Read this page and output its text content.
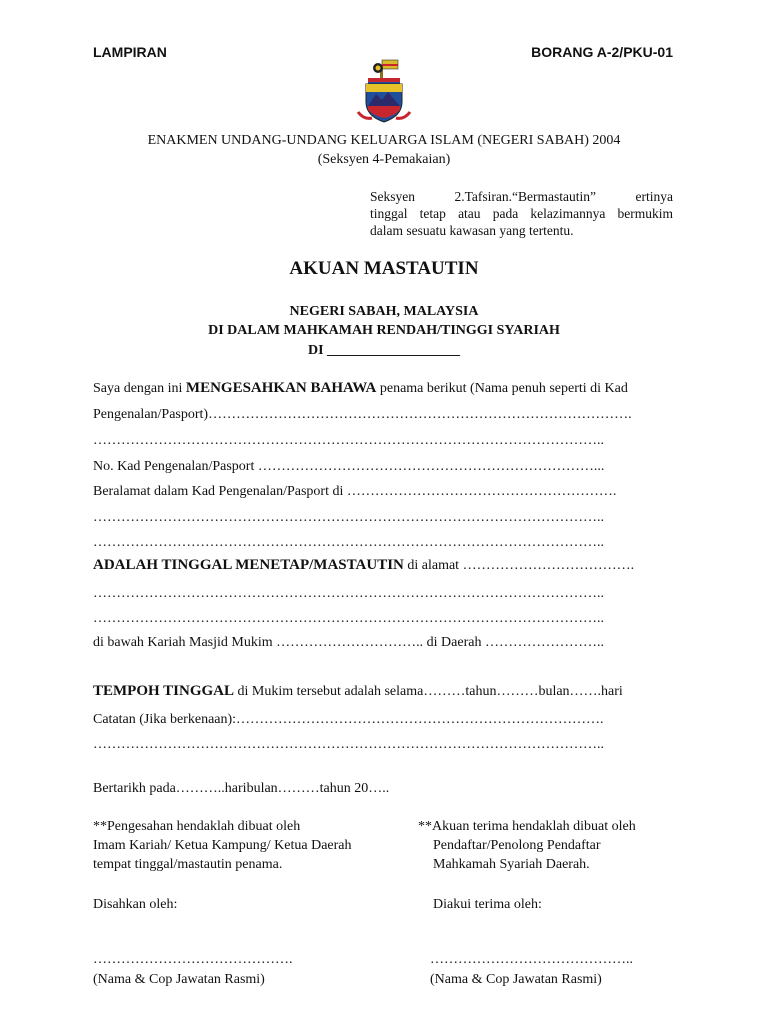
LAMPIRAN	BORANG A-2/PKU-01
ENAKMEN UNDANG-UNDANG KELUARGA ISLAM (NEGERI SABAH) 2004
(Seksyen 4-Pemakaian)
Seksyen   2.Tafsiran.“Bermastautin”   ertinya
tinggal tetap atau pada kelazimannya bermukim
dalam sesuatu kawasan yang tertentu.
AKUAN MASTAUTIN
NEGERI SABAH, MALAYSIA
DI DALAM MAHKAMAH RENDAH/TINGGI SYARIAH
DI ___________________
Saya dengan ini MENGESAHKAN BAHAWA penama berikut (Nama penuh seperti di Kad
Pengenalan/Pasport)……………………………………………………………………………….
………………………………………………………………………………………………..
No. Kad Pengenalan/Pasport ………………………………………………………………...
Beralamat dalam Kad Pengenalan/Pasport di ………………………………………………….
………………………………………………………………………………………………..
………………………………………………………………………………………………..
ADALAH TINGGAL MENETAP/MASTAUTIN di alamat ……………………………….
………………………………………………………………………………………………..
………………………………………………………………………………………………..
di bawah Kariah Masjid Mukim ………………………….. di Daerah ……………………..
TEMPOH TINGGAL di Mukim tersebut adalah selama………tahun………bulan…….hari
Catatan (Jika berkenaan):…………………………………………………………………….
………………………………………………………………………………………………..
Bertarikh pada………..haribulan………tahun 20…..
**Pengesahan hendaklah dibuat oleh
Imam Kariah/ Ketua Kampung/ Ketua Daerah
tempat tinggal/mastautin penama.
Disahkan oleh:
…………………………………….
(Nama & Cop Jawatan Rasmi)
**Akuan terima hendaklah dibuat oleh
Pendaftar/Penolong Pendaftar
Mahkamah Syariah Daerah.
Diakui terima oleh:
……………………………………..
(Nama & Cop Jawatan Rasmi)
